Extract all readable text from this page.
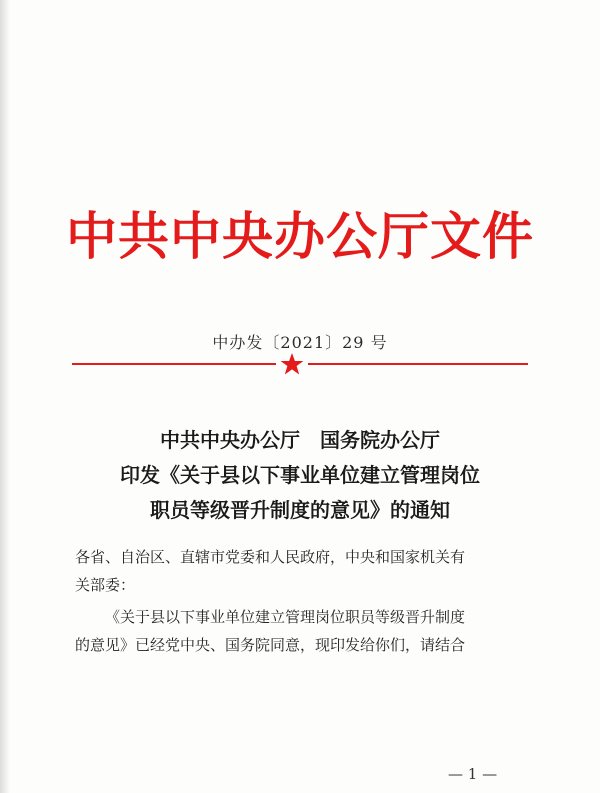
中共中央办公厅文件
中办发〔2021〕29 号
中共中央办公厅　国务院办公厅
印发《关于县以下事业单位建立管理岗位
职员等级晋升制度的意见》的通知
各省、自治区、直辖市党委和人民政府，中央和国家机关有
关部委：
《关于县以下事业单位建立管理岗位职员等级晋升制度
的意见》已经党中央、国务院同意，现印发给你们，请结合
— 1 —
